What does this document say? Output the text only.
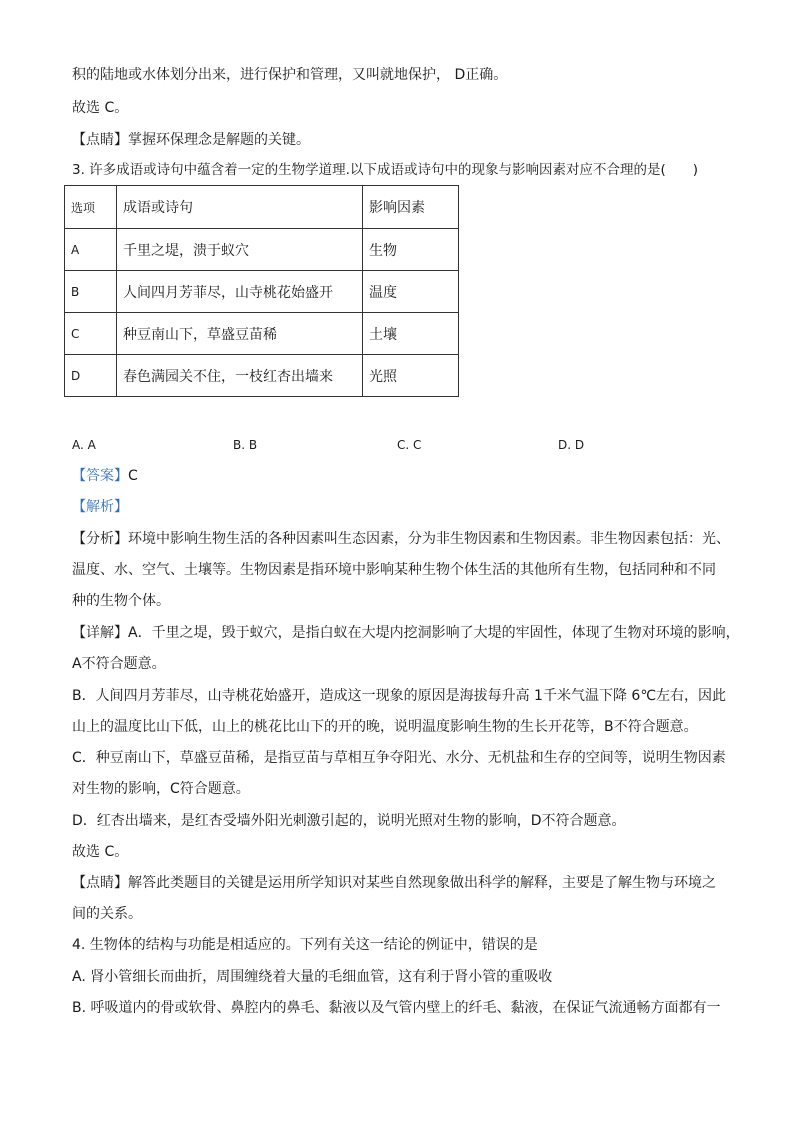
积的陆地或水体划分出来，进行保护和管理，又叫就地保护， D正确。
故选 C。
【点睛】掌握环保理念是解题的关键。
3. 许多成语或诗句中蕴含着一定的生物学道理.以下成语或诗句中的现象与影响因素对应不合理的是(　　)
选项	成语或诗句	影响因素
A	千里之堤，溃于蚁穴	生物
B	人间四月芳菲尽，山寺桃花始盛开	温度
C	种豆南山下，草盛豆苗稀	土壤
D	春色满园关不住，一枝红杏出墙来	光照
A. A	B. B	C. C	D. D
【答案】C
【解析】
【分析】环境中影响生物生活的各种因素叫生态因素，分为非生物因素和生物因素。非生物因素包括：光、
温度、水、空气、土壤等。生物因素是指环境中影响某种生物个体生活的其他所有生物，包括同种和不同
种的生物个体。
【详解】A．千里之堤，毁于蚁穴，是指白蚁在大堤内挖洞影响了大堤的牢固性，体现了生物对环境的影响，
A不符合题意。
B．人间四月芳菲尽，山寺桃花始盛开，造成这一现象的原因是海拔每升高 1千米气温下降 6℃左右，因此
山上的温度比山下低，山上的桃花比山下的开的晚，说明温度影响生物的生长开花等，B不符合题意。
C．种豆南山下，草盛豆苗稀，是指豆苗与草相互争夺阳光、水分、无机盐和生存的空间等，说明生物因素
对生物的影响，C符合题意。
D．红杏出墙来，是红杏受墙外阳光刺激引起的，说明光照对生物的影响，D不符合题意。
故选 C。
【点睛】解答此类题目的关键是运用所学知识对某些自然现象做出科学的解释，主要是了解生物与环境之
间的关系。
4. 生物体的结构与功能是相适应的。下列有关这一结论的例证中，错误的是
A. 肾小管细长而曲折，周围缠绕着大量的毛细血管，这有利于肾小管的重吸收
B. 呼吸道内的骨或软骨、鼻腔内的鼻毛、黏液以及气管内壁上的纤毛、黏液，在保证气流通畅方面都有一
